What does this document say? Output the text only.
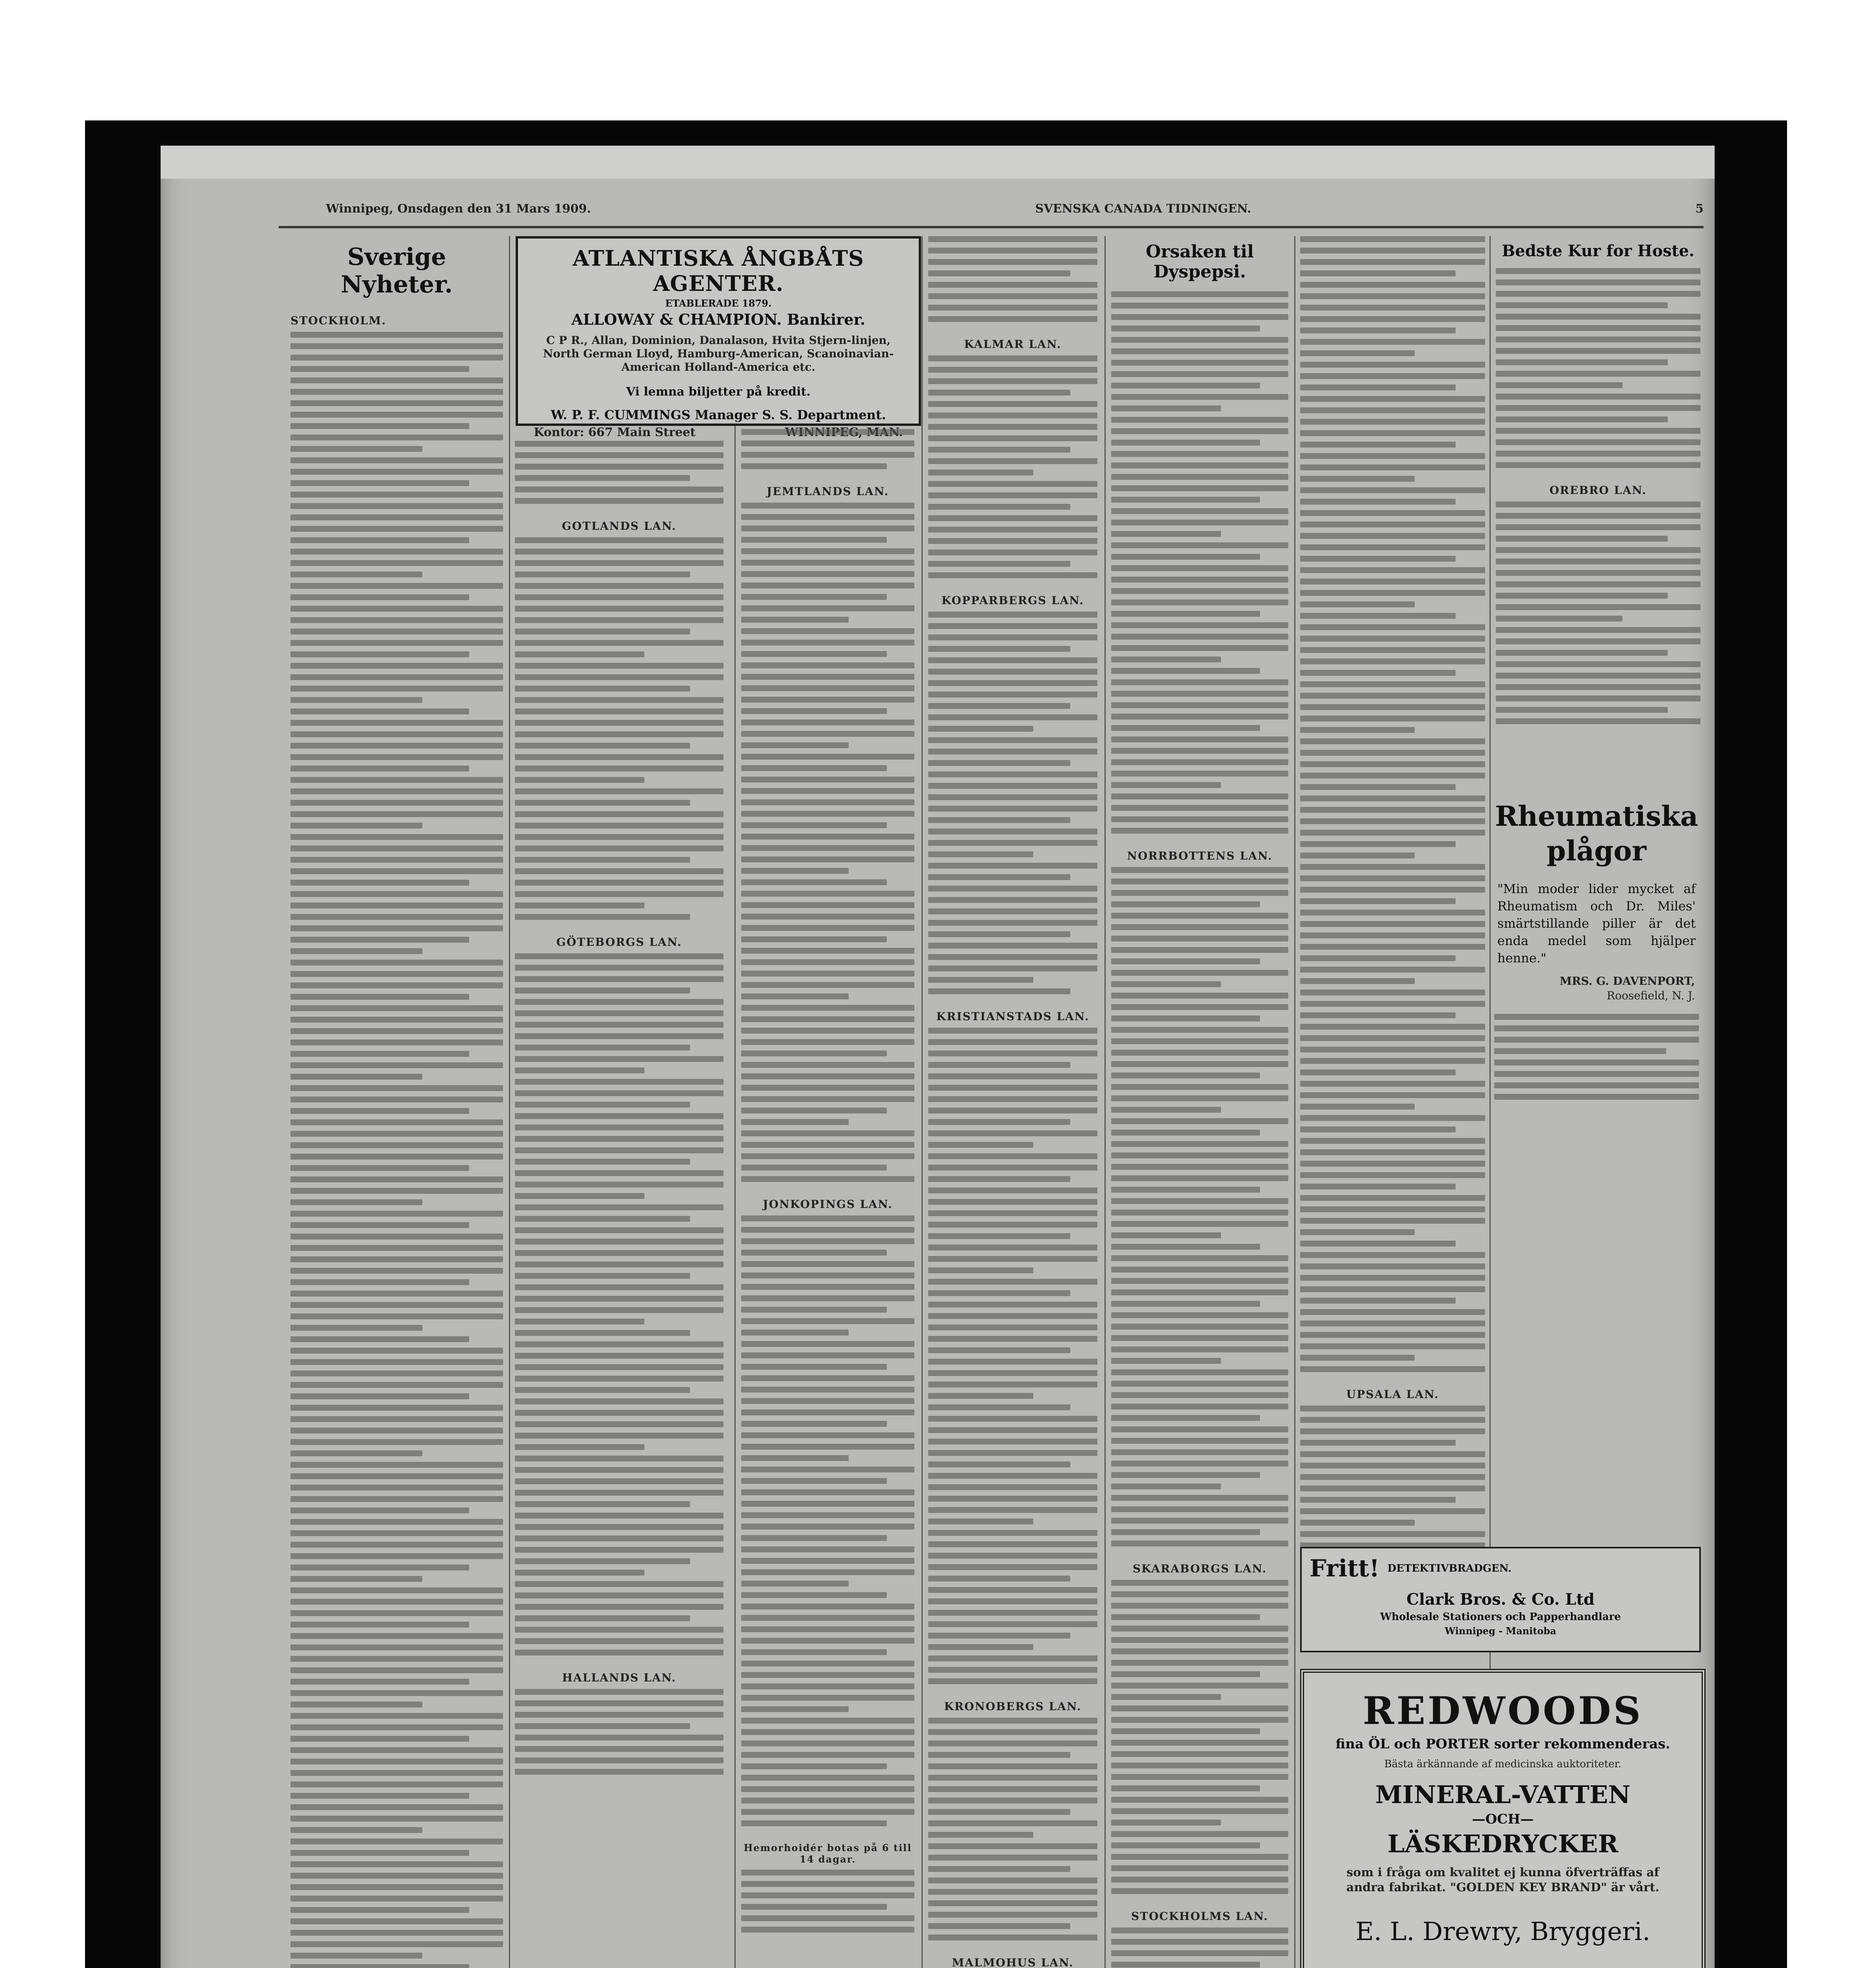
Winnipeg, Onsdagen den 31 Mars 1909.	SVENSKA CANADA TIDNINGEN.	5
Sverige Nyheter.
STOCKHOLM.
ATLANTISKA ÅNGBÅTS AGENTER.
ETABLERADE 1879.
ALLOWAY & CHAMPION. Bankirer.
C P R., Allan, Dominion, Danalason, Hvita Stjern-linjen, North German Lloyd, Hamburg-American, Scanoinavian-American Holland-America etc.
Vi lemna biljetter på kredit.
W. P. F. CUMMINGS Manager S. S. Department.
Kontor: 667 Main Street
GOTLANDS LAN.
GÖTEBORGS LAN.
HALLANDS LAN.
JEMTLANDS LAN.
JONKOPINGS LAN.
Hemorhoidér botas på 6 till 14 dagar.
KALMAR LAN.
KOPPARBERGS LAN.
KRISTIANSTADS LAN.
KRONOBERGS LAN.
MALMOHUS LAN.
Orsaken til Dyspepsi.
NORRBOTTENS LAN.
SKARABORGS LAN.
STOCKHOLMS LAN.
UPSALA LAN.
Fritt! DETEKTIVBRADGEN.
Clark Bros. & Co. Ltd
Wholesale Stationers och Papperhandlare
Winnipeg - Manitoba
Bedste Kur for Hoste.
OREBRO LAN.
Rheumatiska plågor
"Min moder lider mycket af Rheumatism och Dr. Miles' smärtstillande piller är det enda medel som hjälper henne."
MRS. G. DAVENPORT,
Roosefield, N. J.
REDWOODS
fina ÖL och PORTER sorter rekommenderas.
Bästa ärkännande af medicinska auktoriteter.
MINERAL-VATTEN
—OCH—
LÄSKEDRYCKER
som i fråga om kvalitet ej kunna öfverträffas af andra fabrikat. "GOLDEN KEY BRAND" är vårt.
E. L. Drewry, Bryggeri.
